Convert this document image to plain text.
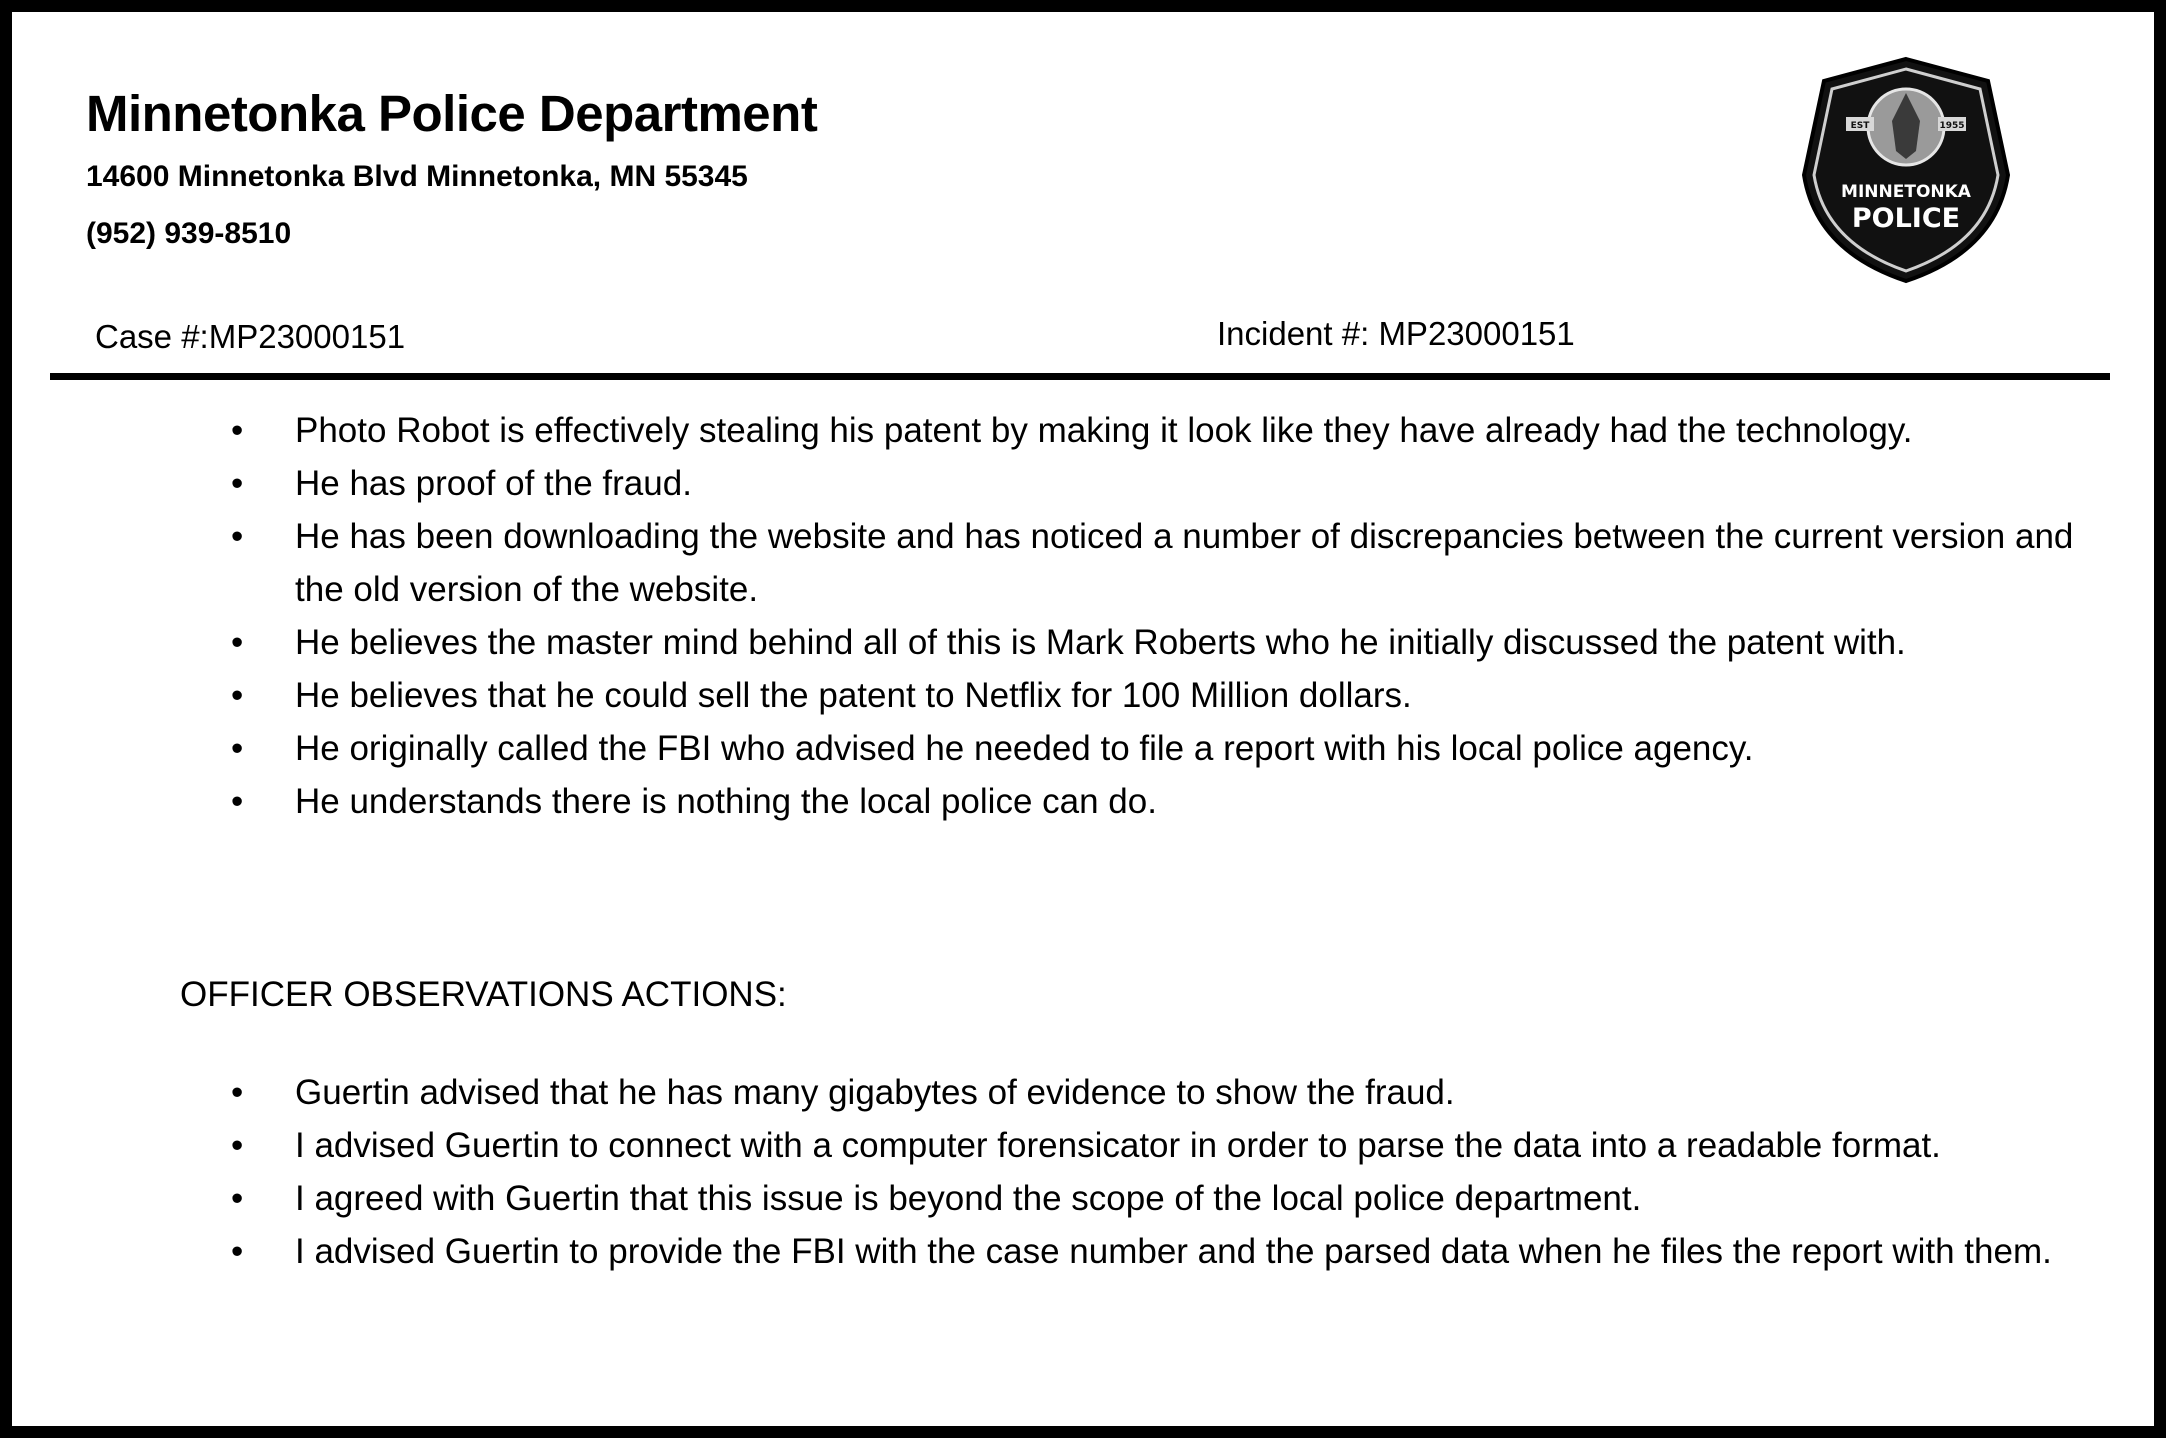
Minnetonka Police Department
14600 Minnetonka Blvd Minnetonka, MN 55345
(952) 939-8510
EST	1955
MINNETONKA
POLICE
Case #:MP23000151	Incident #: MP23000151
• Photo Robot is effectively stealing his patent by making it look like they have already had the technology.
• He has proof of the fraud.
• He has been downloading the website and has noticed a number of discrepancies between the current version and the old version of the website.
• He believes the master mind behind all of this is Mark Roberts who he initially discussed the patent with.
• He believes that he could sell the patent to Netflix for 100 Million dollars.
• He originally called the FBI who advised he needed to file a report with his local police agency.
• He understands there is nothing the local police can do.
OFFICER OBSERVATIONS ACTIONS:
• Guertin advised that he has many gigabytes of evidence to show the fraud.
• I advised Guertin to connect with a computer forensicator in order to parse the data into a readable format.
• I agreed with Guertin that this issue is beyond the scope of the local police department.
• I advised Guertin to provide the FBI with the case number and the parsed data when he files the report with them.
